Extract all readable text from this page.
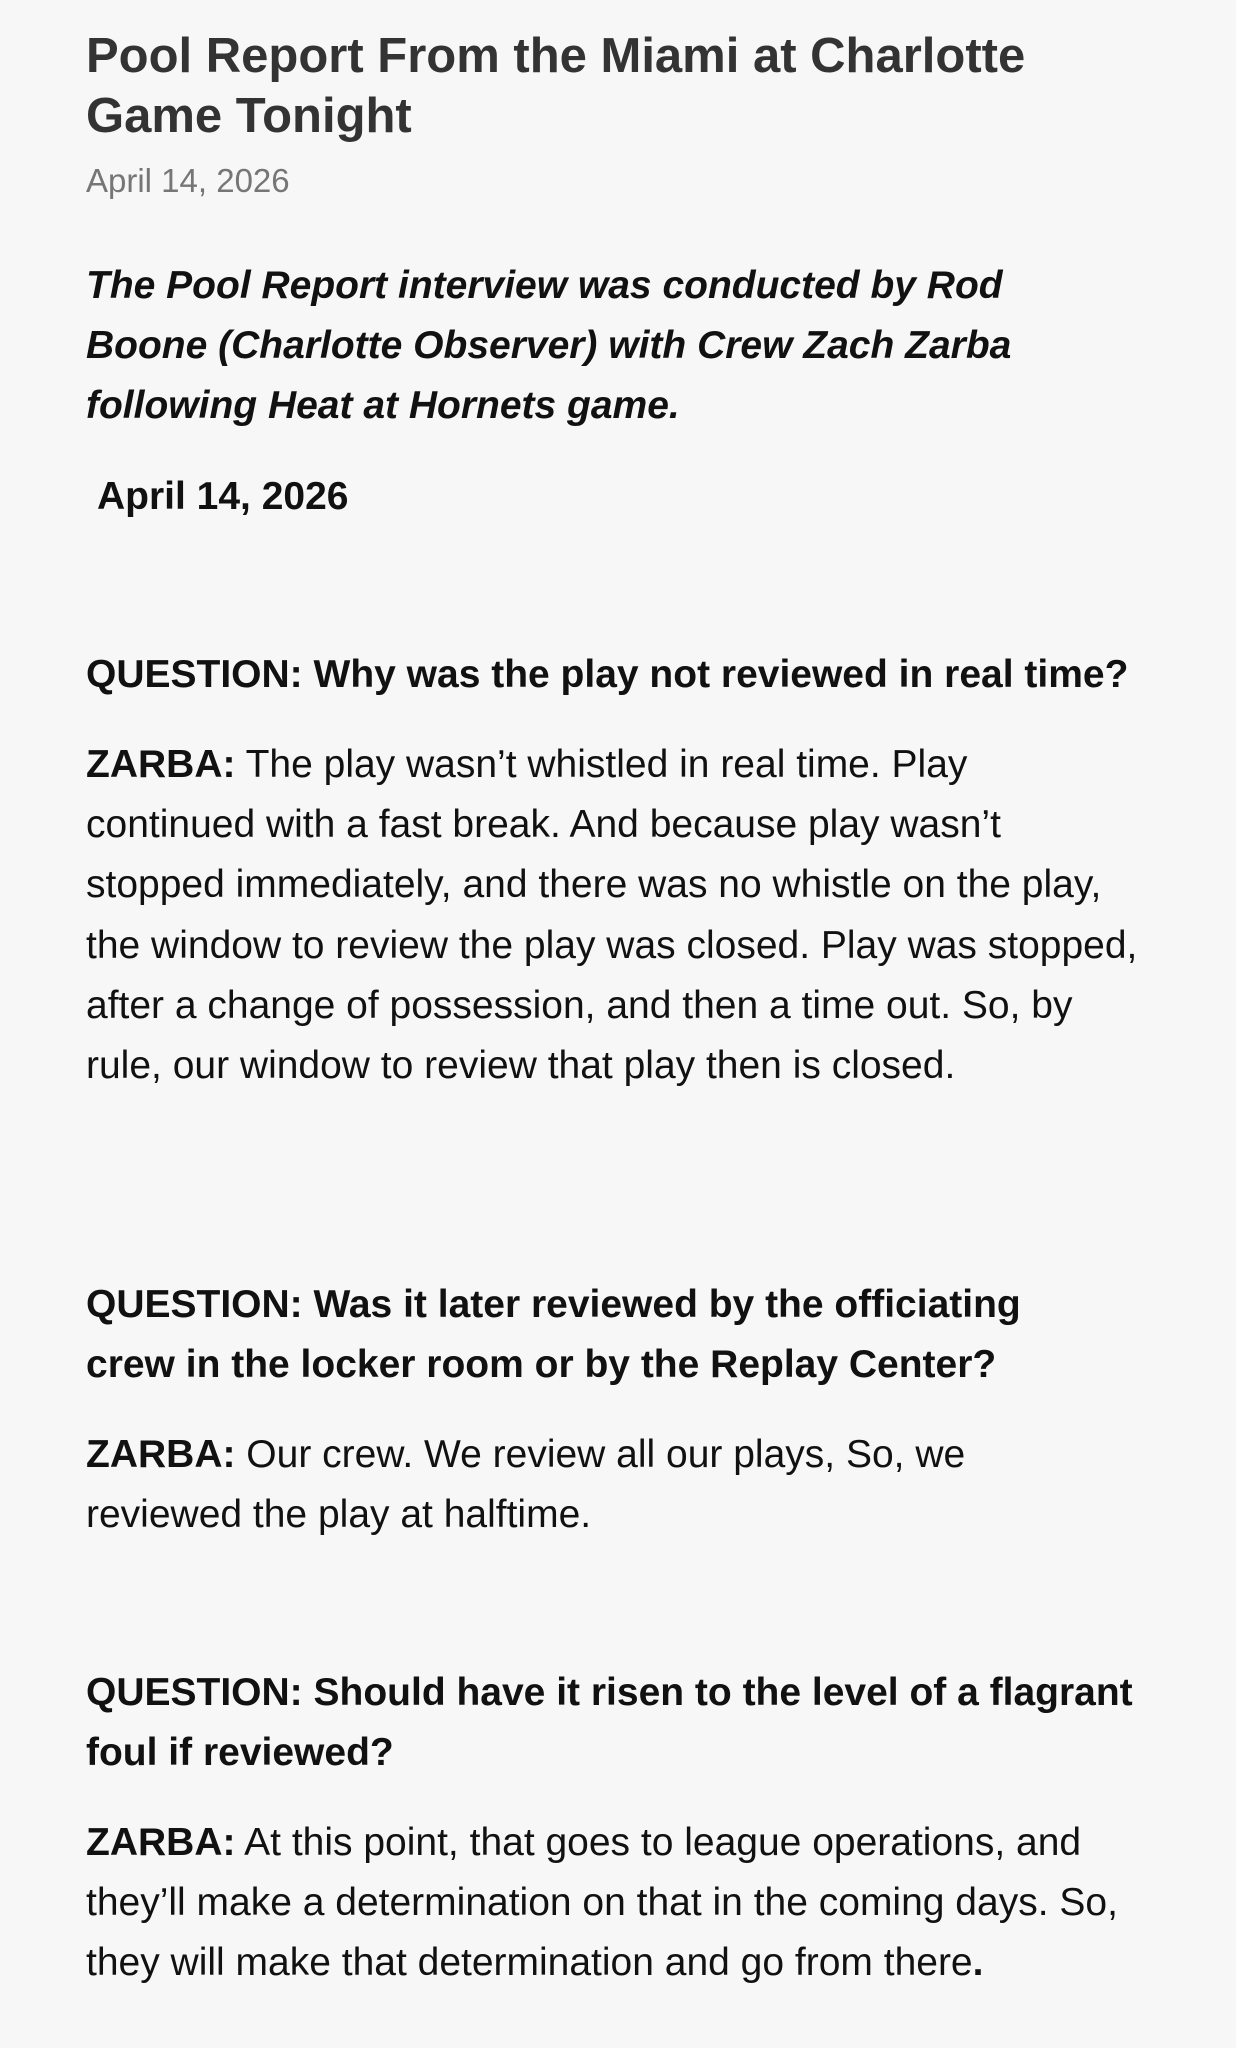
Pool Report From the Miami at Charlotte Game Tonight
April 14, 2026
The Pool Report interview was conducted by Rod Boone (Charlotte Observer) with Crew Zach Zarba following Heat at Hornets game.
April 14, 2026

QUESTION: Why was the play not reviewed in real time?

ZARBA: The play wasn’t whistled in real time. Play continued with a fast break. And because play wasn’t stopped immediately, and there was no whistle on the play, the window to review the play was closed. Play was stopped, after a change of possession, and then a time out. So, by rule, our window to review that play then is closed.

QUESTION: Was it later reviewed by the officiating crew in the locker room or by the Replay Center?

ZARBA: Our crew. We review all our plays, So, we reviewed the play at halftime.

QUESTION: Should have it risen to the level of a flagrant foul if reviewed?

ZARBA: At this point, that goes to league operations, and they’ll make a determination on that in the coming days. So, they will make that determination and go from there.
